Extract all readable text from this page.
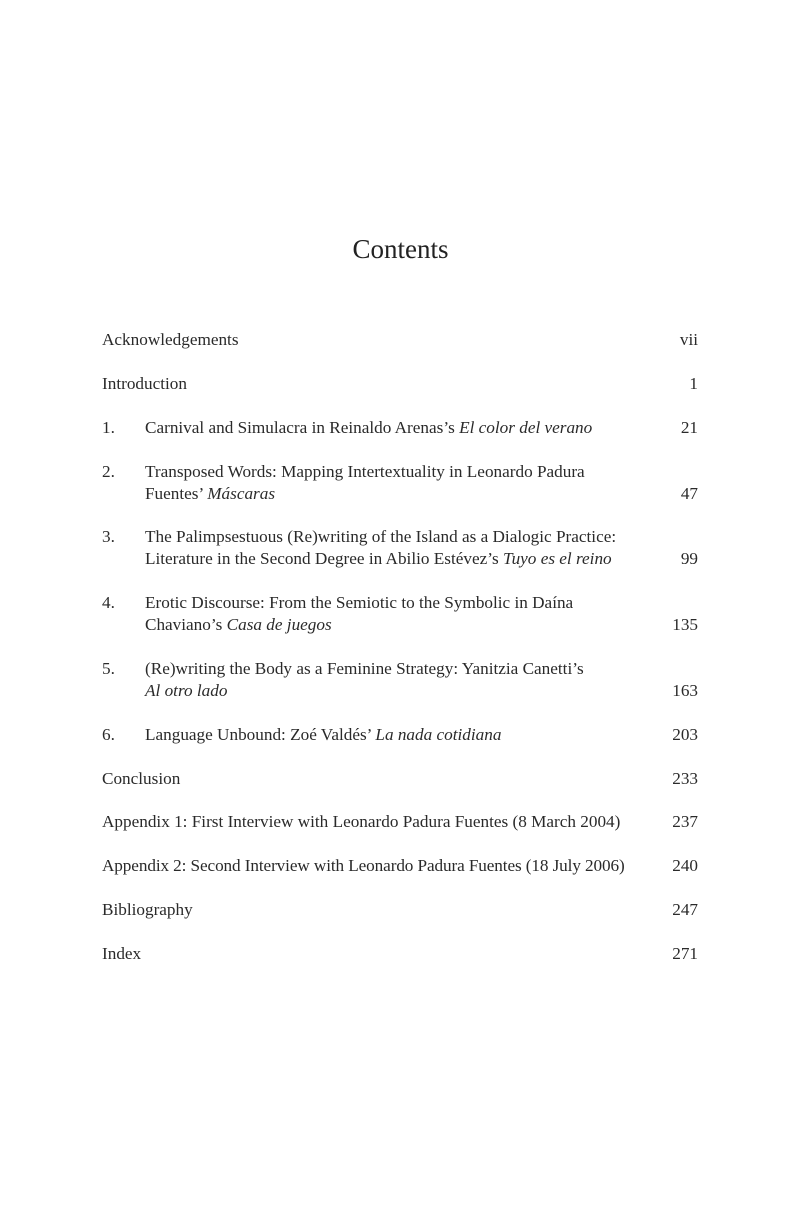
Contents
Acknowledgements	vii
Introduction	1
1. Carnival and Simulacra in Reinaldo Arenas’s El color del verano	21
2. Transposed Words: Mapping Intertextuality in Leonardo Padura
Fuentes’ Máscaras	47
3. The Palimpsestuous (Re)writing of the Island as a Dialogic Practice:
Literature in the Second Degree in Abilio Estévez’s Tuyo es el reino	99
4. Erotic Discourse: From the Semiotic to the Symbolic in Daína
Chaviano’s Casa de juegos	135
5. (Re)writing the Body as a Feminine Strategy: Yanitzia Canetti’s
Al otro lado	163
6. Language Unbound: Zoé Valdés’ La nada cotidiana	203
Conclusion	233
Appendix 1: First Interview with Leonardo Padura Fuentes (8 March 2004)	237
Appendix 2: Second Interview with Leonardo Padura Fuentes (18 July 2006)	240
Bibliography	247
Index	271
